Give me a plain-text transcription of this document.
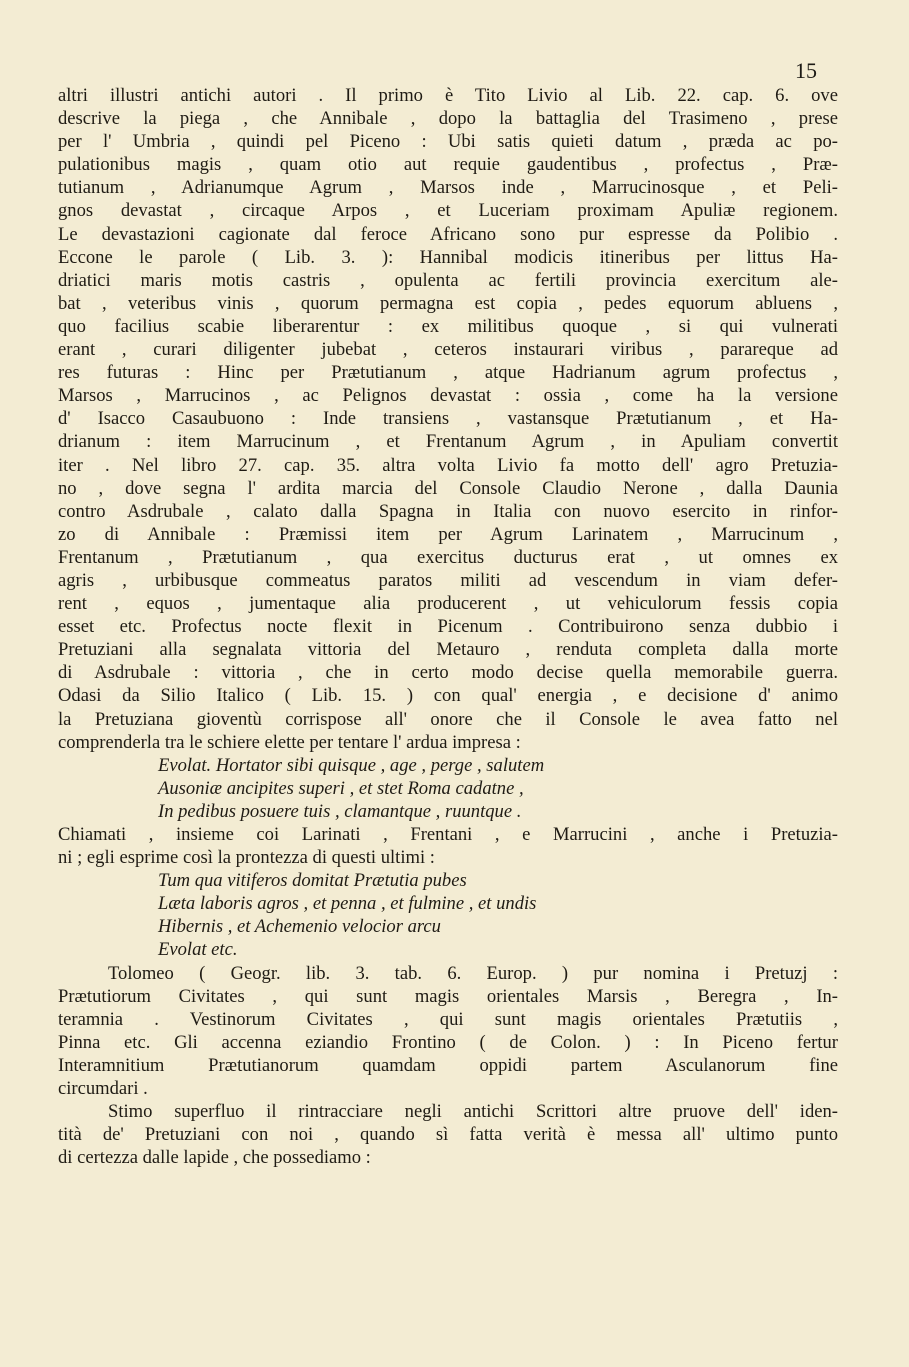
15
altri illustri antichi autori . Il primo è Tito Livio al Lib. 22. cap. 6. ove
descrive la piega , che Annibale , dopo la battaglia del Trasimeno , prese
per l' Umbria , quindi pel Piceno : Ubi satis quieti datum , præda ac po-
pulationibus magis , quam otio aut requie gaudentibus , profectus , Præ-
tutianum , Adrianumque Agrum , Marsos inde , Marrucinosque , et Peli-
gnos devastat , circaque Arpos , et Luceriam proximam Apuliæ regionem.
Le devastazioni cagionate dal feroce Africano sono pur espresse da Polibio .
Eccone le parole ( Lib. 3. ): Hannibal modicis itineribus per littus Ha-
driatici maris motis castris , opulenta ac fertili provincia exercitum ale-
bat , veteribus vinis , quorum permagna est copia , pedes equorum abluens ,
quo facilius scabie liberarentur : ex militibus quoque , si qui vulnerati
erant , curari diligenter jubebat , ceteros instaurari viribus , parareque ad
res futuras : Hinc per Prætutianum , atque Hadrianum agrum profectus ,
Marsos , Marrucinos , ac Pelignos devastat : ossia , come ha la versione
d' Isacco Casaubuono : Inde transiens , vastansque Prætutianum , et Ha-
drianum : item Marrucinum , et Frentanum Agrum , in Apuliam convertit
iter . Nel libro 27. cap. 35. altra volta Livio fa motto dell' agro Pretuzia-
no , dove segna l' ardita marcia del Console Claudio Nerone , dalla Daunia
contro Asdrubale , calato dalla Spagna in Italia con nuovo esercito in rinfor-
zo di Annibale : Præmissi item per Agrum Larinatem , Marrucinum ,
Frentanum , Prætutianum , qua exercitus ducturus erat , ut omnes ex
agris , urbibusque commeatus paratos militi ad vescendum in viam defer-
rent , equos , jumentaque alia producerent , ut vehiculorum fessis copia
esset etc. Profectus nocte flexit in Picenum . Contribuirono senza dubbio i
Pretuziani alla segnalata vittoria del Metauro , renduta completa dalla morte
di Asdrubale : vittoria , che in certo modo decise quella memorabile guerra.
Odasi da Silio Italico ( Lib. 15. ) con qual' energia , e decisione d' animo
la Pretuziana gioventù corrispose all' onore che il Console le avea fatto nel
comprenderla tra le schiere elette per tentare l' ardua impresa :
Evolat. Hortator sibi quisque , age , perge , salutem
Ausoniæ ancipites superi , et stet Roma cadatne ,
In pedibus posuere tuis , clamantque , ruuntque .
Chiamati , insieme coi Larinati , Frentani , e Marrucini , anche i Pretuzia-
ni ; egli esprime così la prontezza di questi ultimi :
Tum qua vitiferos domitat Prætutia pubes
Læta laboris agros , et penna , et fulmine , et undis
Hibernis , et Achemenio velocior arcu
Evolat etc.
Tolomeo ( Geogr. lib. 3. tab. 6. Europ. ) pur nomina i Pretuzj :
Prætutiorum Civitates , qui sunt magis orientales Marsis , Beregra , In-
teramnia . Vestinorum Civitates , qui sunt magis orientales Prætutiis ,
Pinna etc. Gli accenna eziandio Frontino ( de Colon. ) : In Piceno fertur
Interamnitium Prætutianorum quamdam oppidi partem Asculanorum fine
circumdari .
Stimo superfluo il rintracciare negli antichi Scrittori altre pruove dell' iden-
tità de' Pretuziani con noi , quando sì fatta verità è messa all' ultimo punto
di certezza dalle lapide , che possediamo :
